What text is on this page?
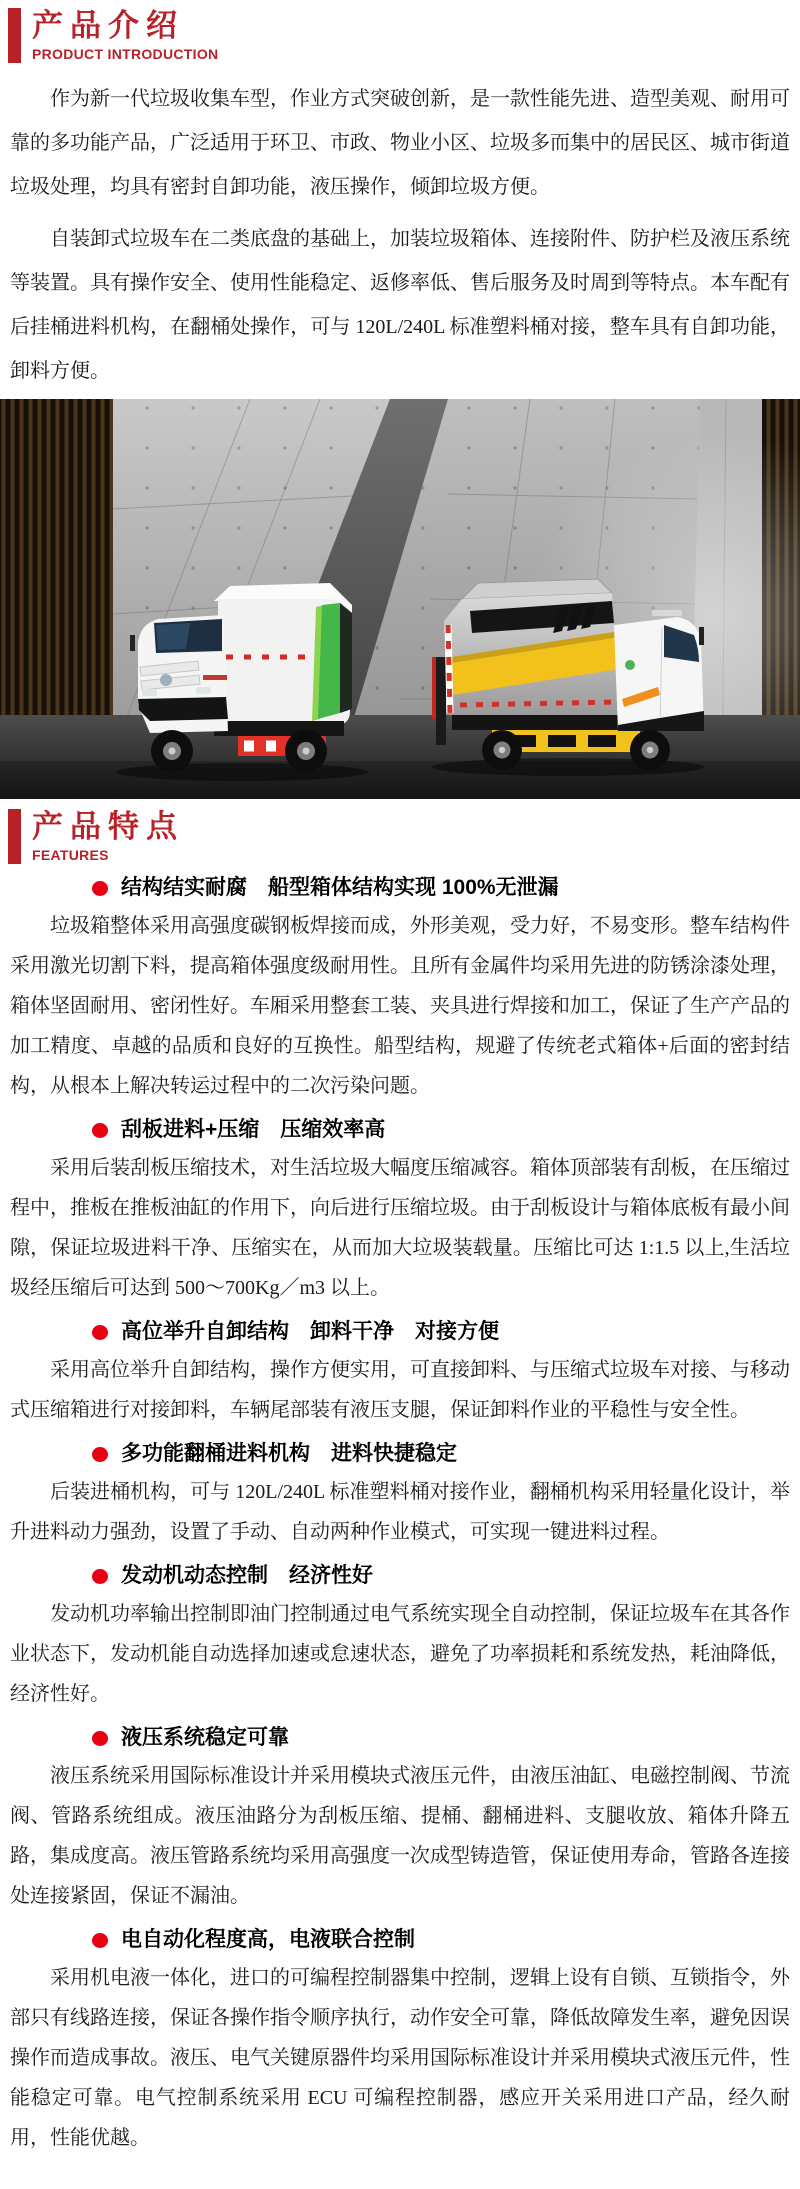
产品介绍
PRODUCT INTRODUCTION

作为新一代垃圾收集车型，作业方式突破创新，是一款性能先进、造型美观、耐用可靠的多功能产品，广泛适用于环卫、市政、物业小区、垃圾多而集中的居民区、城市街道垃圾处理，均具有密封自卸功能，液压操作，倾卸垃圾方便。

自装卸式垃圾车在二类底盘的基础上，加装垃圾箱体、连接附件、防护栏及液压系统等装置。具有操作安全、使用性能稳定、返修率低、售后服务及时周到等特点。本车配有后挂桶进料机构，在翻桶处操作，可与 120L/240L 标准塑料桶对接，整车具有自卸功能，卸料方便。

产品特点
FEATURES
结构结实耐腐　船型箱体结构实现 100%无泄漏

垃圾箱整体采用高强度碳钢板焊接而成，外形美观，受力好，不易变形。整车结构件采用激光切割下料，提高箱体强度级耐用性。且所有金属件均采用先进的防锈涂漆处理，箱体坚固耐用、密闭性好。车厢采用整套工装、夹具进行焊接和加工，保证了生产产品的加工精度、卓越的品质和良好的互换性。船型结构，规避了传统老式箱体+后面的密封结构，从根本上解决转运过程中的二次污染问题。

刮板进料+压缩　压缩效率高

采用后装刮板压缩技术，对生活垃圾大幅度压缩减容。箱体顶部装有刮板，在压缩过程中，推板在推板油缸的作用下，向后进行压缩垃圾。由于刮板设计与箱体底板有最小间隙，保证垃圾进料干净、压缩实在，从而加大垃圾装载量。压缩比可达 1:1.5 以上,生活垃圾经压缩后可达到 500～700Kg／m3 以上。

高位举升自卸结构　卸料干净　对接方便

采用高位举升自卸结构，操作方便实用，可直接卸料、与压缩式垃圾车对接、与移动式压缩箱进行对接卸料，车辆尾部装有液压支腿，保证卸料作业的平稳性与安全性。

多功能翻桶进料机构　进料快捷稳定

后装进桶机构，可与 120L/240L 标准塑料桶对接作业，翻桶机构采用轻量化设计，举升进料动力强劲，设置了手动、自动两种作业模式，可实现一键进料过程。

发动机动态控制　经济性好

发动机功率输出控制即油门控制通过电气系统实现全自动控制，保证垃圾车在其各作业状态下，发动机能自动选择加速或怠速状态，避免了功率损耗和系统发热，耗油降低，经济性好。

液压系统稳定可靠

液压系统采用国际标准设计并采用模块式液压元件，由液压油缸、电磁控制阀、节流阀、管路系统组成。液压油路分为刮板压缩、提桶、翻桶进料、支腿收放、箱体升降五路，集成度高。液压管路系统均采用高强度一次成型铸造管，保证使用寿命，管路各连接处连接紧固，保证不漏油。

电自动化程度高，电液联合控制

采用机电液一体化，进口的可编程控制器集中控制，逻辑上设有自锁、互锁指令，外部只有线路连接，保证各操作指令顺序执行，动作安全可靠，降低故障发生率，避免因误操作而造成事故。液压、电气关键原器件均采用国际标准设计并采用模块式液压元件，性能稳定可靠。电气控制系统采用 ECU 可编程控制器，感应开关采用进口产品，经久耐用，性能优越。
